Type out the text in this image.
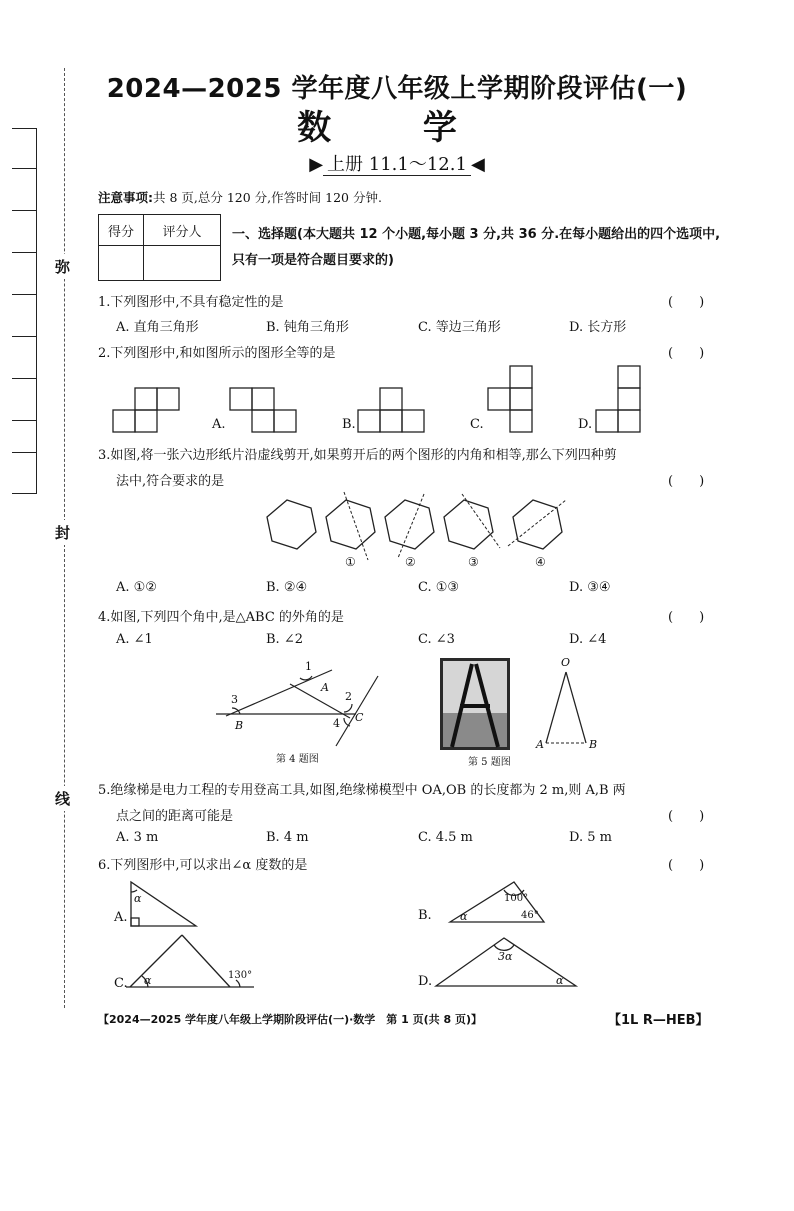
弥
封
线
2024—2025 学年度八年级上学期阶段评估(一)
数 学
▶ 上册 11.1～12.1 ◀
注意事项:共 8 页,总分 120 分,作答时间 120 分钟.
得分	评分人
	一、选择题(本大题共 12 个小题,每小题 3 分,共 36 分.在每小题给出的四个选项中,只有一项是符合题目要求的)
1.下列图形中,不具有稳定性的是	(　　)
A. 直角三角形	B. 钝角三角形	C. 等边三角形	D. 长方形
2.下列图形中,和如图所示的图形全等的是	(　　)
A.	B.	C.	D.
3.如图,将一张六边形纸片沿虚线剪开,如果剪开后的两个图形的内角和相等,那么下列四种剪
法中,符合要求的是	(　　)
①	②	③	④
A. ①②	B. ②④	C. ①③	D. ③④
4.如图,下列四个角中,是△ABC 的外角的是	(　　)
A. ∠1	B. ∠2	C. ∠3	D. ∠4
1
2
3
4
A
B
C
第 4 题图
O
A	B
第 5 题图
5.绝缘梯是电力工程的专用登高工具,如图,绝缘梯模型中 OA,OB 的长度都为 2 m,则 A,B 两
点之间的距离可能是	(　　)
A. 3 m	B. 4 m	C. 4.5 m	D. 5 m
6.下列图形中,可以求出∠α 度数的是	(　　)
A.
α
B.
100°
α	46°
C. α	130°	D.
3α
α
【2024—2025 学年度八年级上学期阶段评估(一)·数学　第 1 页(共 8 页)】	【1L R—HEB】
